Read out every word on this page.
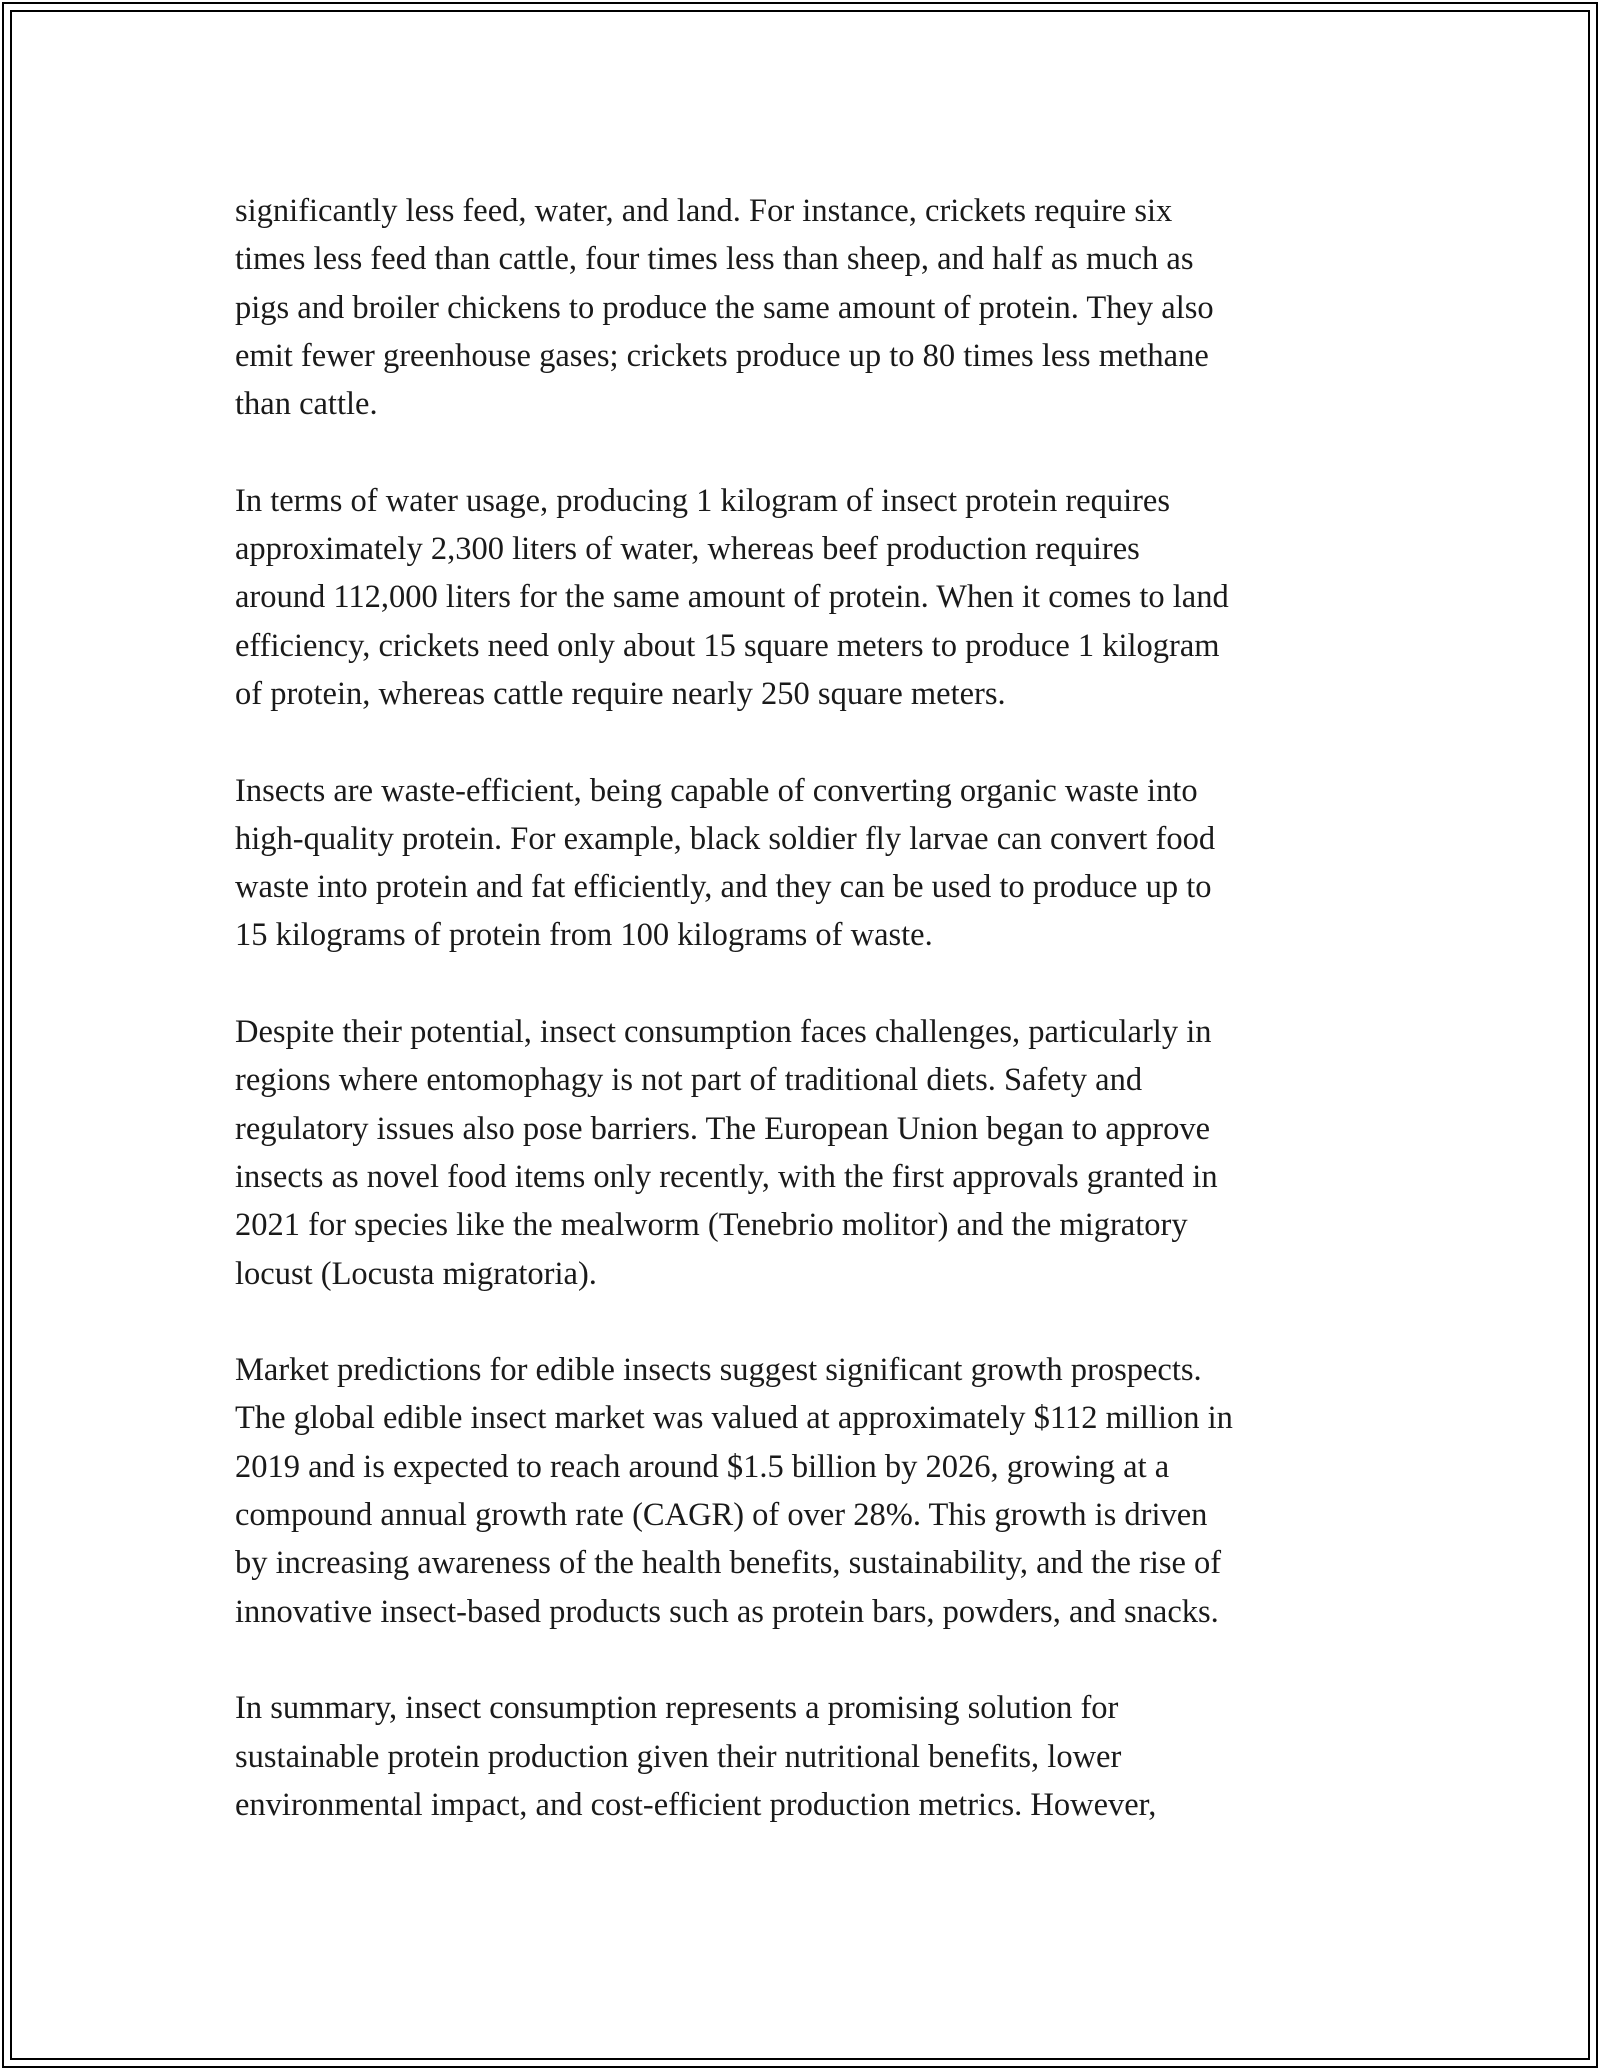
significantly less feed, water, and land. For instance, crickets require six
times less feed than cattle, four times less than sheep, and half as much as
pigs and broiler chickens to produce the same amount of protein. They also
emit fewer greenhouse gases; crickets produce up to 80 times less methane
than cattle.

In terms of water usage, producing 1 kilogram of insect protein requires
approximately 2,300 liters of water, whereas beef production requires
around 112,000 liters for the same amount of protein. When it comes to land
efficiency, crickets need only about 15 square meters to produce 1 kilogram
of protein, whereas cattle require nearly 250 square meters.

Insects are waste-efficient, being capable of converting organic waste into
high-quality protein. For example, black soldier fly larvae can convert food
waste into protein and fat efficiently, and they can be used to produce up to
15 kilograms of protein from 100 kilograms of waste.

Despite their potential, insect consumption faces challenges, particularly in
regions where entomophagy is not part of traditional diets. Safety and
regulatory issues also pose barriers. The European Union began to approve
insects as novel food items only recently, with the first approvals granted in
2021 for species like the mealworm (Tenebrio molitor) and the migratory
locust (Locusta migratoria).

Market predictions for edible insects suggest significant growth prospects.
The global edible insect market was valued at approximately $112 million in
2019 and is expected to reach around $1.5 billion by 2026, growing at a
compound annual growth rate (CAGR) of over 28%. This growth is driven
by increasing awareness of the health benefits, sustainability, and the rise of
innovative insect-based products such as protein bars, powders, and snacks.

In summary, insect consumption represents a promising solution for
sustainable protein production given their nutritional benefits, lower
environmental impact, and cost-efficient production metrics. However,
